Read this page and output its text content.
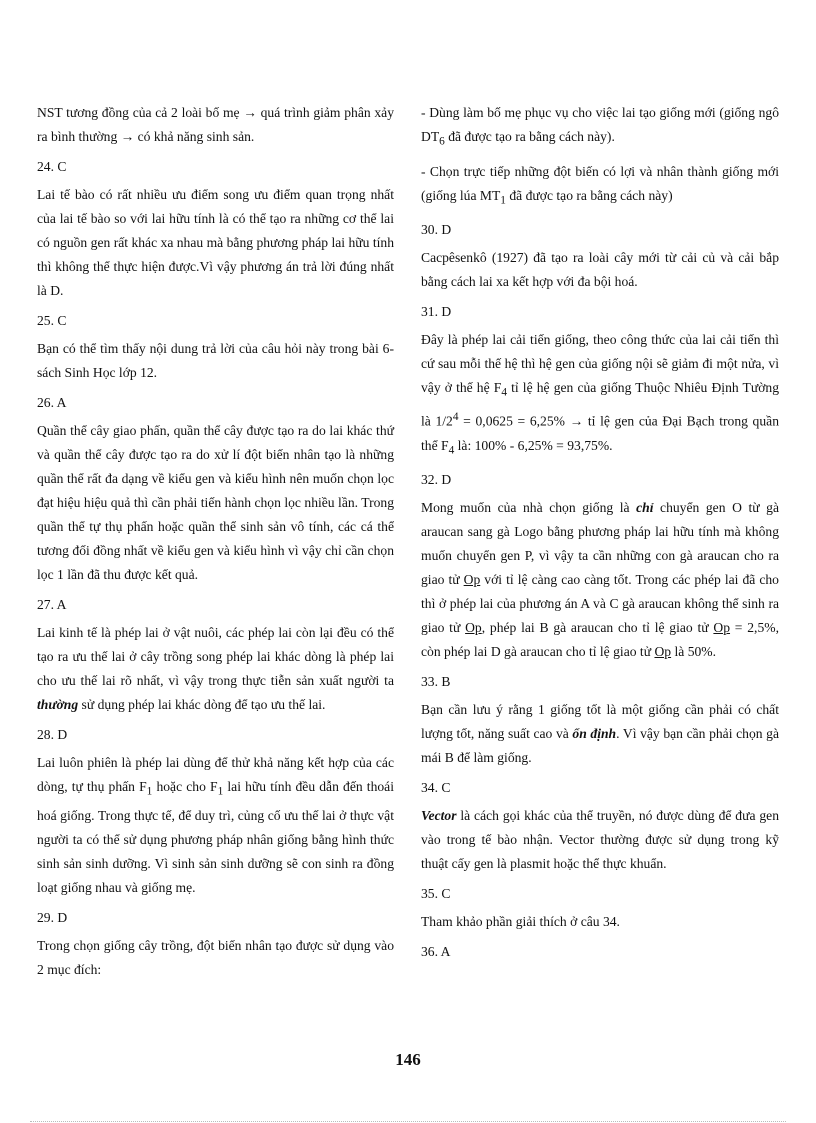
NST tương đồng của cả 2 loài bố mẹ → quá trình giảm phân xảy ra bình thường → có khả năng sinh sản.

24. C

Lai tế bào có rất nhiều ưu điểm song ưu điểm quan trọng nhất của lai tế bào so với lai hữu tính là có thể tạo ra những cơ thể lai có nguồn gen rất khác xa nhau mà bằng phương pháp lai hữu tính thì không thể thực hiện được.Vì vậy phương án trả lời đúng nhất là D.

25. C

Bạn có thể tìm thấy nội dung trả lời của câu hỏi này trong bài 6- sách Sinh Học lớp 12.

26. A

Quần thể cây giao phấn, quần thể cây được tạo ra do lai khác thứ và quần thể cây được tạo ra do xử lí đột biến nhân tạo là những quần thể rất đa dạng về kiểu gen và kiểu hình nên muốn chọn lọc đạt hiệu hiệu quả thì cần phải tiến hành chọn lọc nhiều lần. Trong quần thể tự thụ phấn hoặc quần thể sinh sản vô tính, các cá thể tương đối đồng nhất về kiểu gen và kiểu hình vì vậy chỉ cần chọn lọc 1 lần đã thu được kết quả.

27. A

Lai kinh tế là phép lai ở vật nuôi, các phép lai còn lại đều có thể tạo ra ưu thế lai ở cây trồng song phép lai khác dòng là phép lai cho ưu thế lai rõ nhất, vì vậy trong thực tiễn sản xuất người ta thường sử dụng phép lai khác dòng để tạo ưu thế lai.

28. D

Lai luôn phiên là phép lai dùng để thử khả năng kết hợp của các dòng, tự thụ phấn $F_1$ hoặc cho $F_1$ lai hữu tính đều dẫn đến thoái hoá giống. Trong thực tế, để duy trì, củng cố ưu thế lai ở thực vật người ta có thể sử dụng phương pháp nhân giống bằng hình thức sinh sản sinh dưỡng. Vì sinh sản sinh dưỡng sẽ con sinh ra đồng loạt giống nhau và giống mẹ.

29. D

Trong chọn giống cây trồng, đột biến nhân tạo được sử dụng vào 2 mục đích:

- Dùng làm bố mẹ phục vụ cho việc lai tạo giống mới (giống ngô $DT_6$ đã được tạo ra bằng cách này).

- Chọn trực tiếp những đột biến có lợi và nhân thành giống mới (giống lúa $MT_1$ đã được tạo ra bằng cách này)

30. D

Cacpêsenkô (1927) đã tạo ra loài cây mới từ cải củ và cải bắp bằng cách lai xa kết hợp với đa bội hoá.

31. D

Đây là phép lai cải tiến giống, theo công thức của lai cải tiến thì cứ sau mỗi thế hệ thì hệ gen của giống nội sẽ giảm đi một nửa, vì vậy ở thế hệ $F_4$ tỉ lệ hệ gen của giống Thuộc Nhiêu Định Tường là $1/2^4 = 0,0625 = 6,25\%$ → tỉ lệ gen của Đại Bạch trong quần thể $F_4$ là: 100% - 6,25% = 93,75%.

32. D

Mong muốn của nhà chọn giống là chỉ chuyển gen O từ gà araucan sang gà Logo bằng phương pháp lai hữu tính mà không muốn chuyển gen P, vì vậy ta cần những con gà araucan cho ra giao tử Op với tỉ lệ càng cao càng tốt. Trong các phép lai đã cho thì ở phép lai của phương án A và C gà araucan không thể sinh ra giao tử Op, phép lai B gà araucan cho tỉ lệ giao tử Op = 2,5%, còn phép lai D gà araucan cho tỉ lệ giao tử Op là 50%.

33. B

Bạn cần lưu ý rằng 1 giống tốt là một giống cần phải có chất lượng tốt, năng suất cao và ổn định. Vì vậy bạn cần phải chọn gà mái B để làm giống.

34. C

Vector là cách gọi khác của thể truyền, nó được dùng để đưa gen vào trong tế bào nhận. Vector thường được sử dụng trong kỹ thuật cấy gen là plasmit hoặc thể thực khuẩn.

35. C

Tham khảo phần giải thích ở câu 34.

36. A

146
